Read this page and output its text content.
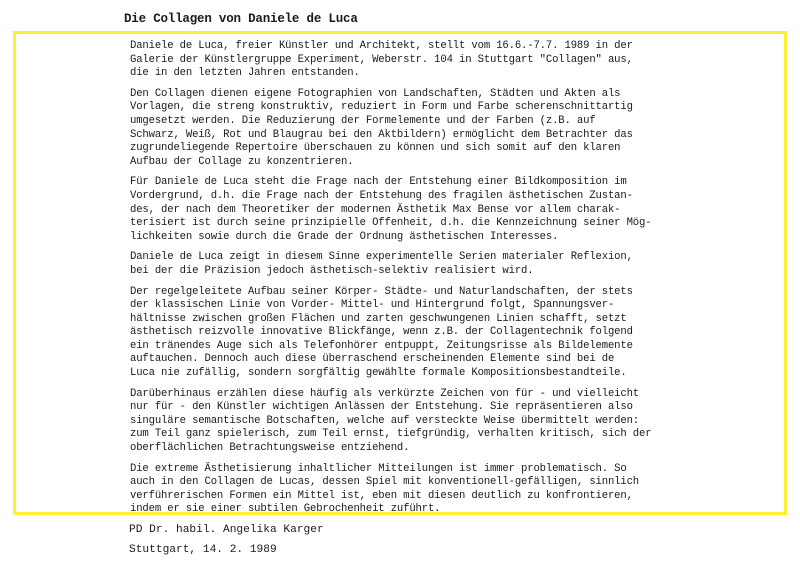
Die Collagen von Daniele de Luca
Daniele de Luca, freier Künstler und Architekt, stellt vom 16.6.-7.7. 1989 in der
Galerie der Künstlergruppe Experiment, Weberstr. 104 in Stuttgart "Collagen" aus,
die in den letzten Jahren entstanden.
Den Collagen dienen eigene Fotographien von Landschaften, Städten und Akten als
Vorlagen, die streng konstruktiv, reduziert in Form und Farbe scherenschnittartig
umgesetzt werden. Die Reduzierung der Formelemente und der Farben (z.B. auf
Schwarz, Weiß, Rot und Blaugrau bei den Aktbildern) ermöglicht dem Betrachter das
zugrundeliegende Repertoire überschauen zu können und sich somit auf den klaren
Aufbau der Collage zu konzentrieren.
Für Daniele de Luca steht die Frage nach der Entstehung einer Bildkomposition im
Vordergrund, d.h. die Frage nach der Entstehung des fragilen ästhetischen Zustan-
des, der nach dem Theoretiker der modernen Ästhetik Max Bense vor allem charak-
terisiert ist durch seine prinzipielle Offenheit, d.h. die Kennzeichnung seiner Mög-
lichkeiten sowie durch die Grade der Ordnung ästhetischen Interesses.
Daniele de Luca zeigt in diesem Sinne experimentelle Serien materialer Reflexion,
bei der die Präzision jedoch ästhetisch-selektiv realisiert wird.
Der regelgeleitete Aufbau seiner Körper- Städte- und Naturlandschaften, der stets
der klassischen Linie von Vorder- Mittel- und Hintergrund folgt, Spannungsver-
hältnisse zwischen großen Flächen und zarten geschwungenen Linien schafft, setzt
ästhetisch reizvolle innovative Blickfänge, wenn z.B. der Collagentechnik folgend
ein tränendes Auge sich als Telefonhörer entpuppt, Zeitungsrisse als Bildelemente
auftauchen. Dennoch auch diese überraschend erscheinenden Elemente sind bei de
Luca nie zufällig, sondern sorgfältig gewählte formale Kompositionsbestandteile.
Darüberhinaus erzählen diese häufig als verkürzte Zeichen von für - und vielleicht
nur für - den Künstler wichtigen Anlässen der Entstehung. Sie repräsentieren also
singuläre semantische Botschaften, welche auf versteckte Weise übermittelt werden:
zum Teil ganz spielerisch, zum Teil ernst, tiefgründig, verhalten kritisch, sich der
oberflächlichen Betrachtungsweise entziehend.
Die extreme Ästhetisierung inhaltlicher Mitteilungen ist immer problematisch. So
auch in den Collagen de Lucas, dessen Spiel mit konventionell-gefälligen, sinnlich
verführerischen Formen ein Mittel ist, eben mit diesen deutlich zu konfrontieren,
indem er sie einer subtilen Gebrochenheit zuführt.
PD Dr. habil. Angelika Karger
Stuttgart, 14. 2. 1989
